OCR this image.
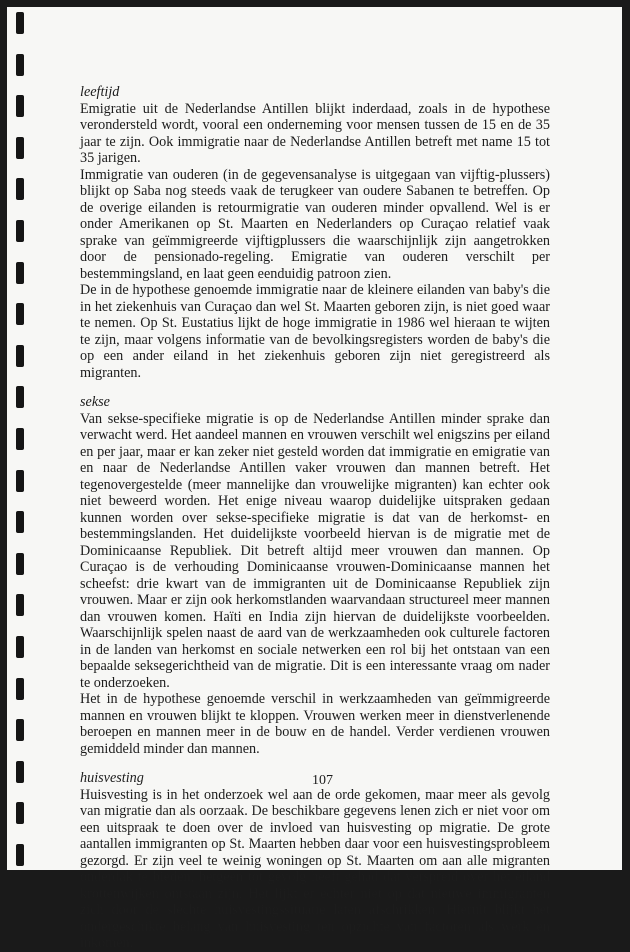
leeftijd

Emigratie uit de Nederlandse Antillen blijkt inderdaad, zoals in de hypothese verondersteld wordt, vooral een onderneming voor mensen tussen de 15 en de 35 jaar te zijn. Ook immigratie naar de Nederlandse Antillen betreft met name 15 tot 35 jarigen.

Immigratie van ouderen (in de gegevensanalyse is uitgegaan van vijftig-plussers) blijkt op Saba nog steeds vaak de terugkeer van oudere Sabanen te betreffen. Op de overige eilanden is retourmigratie van ouderen minder opvallend. Wel is er onder Amerikanen op St. Maarten en Nederlanders op Curaçao relatief vaak sprake van geïmmigreerde vijftigplussers die waarschijnlijk zijn aangetrokken door de pensionado-regeling. Emigratie van ouderen verschilt per bestemmingsland, en laat geen eenduidig patroon zien.

De in de hypothese genoemde immigratie naar de kleinere eilanden van baby's die in het ziekenhuis van Curaçao dan wel St. Maarten geboren zijn, is niet goed waar te nemen. Op St. Eustatius lijkt de hoge immigratie in 1986 wel hieraan te wijten te zijn, maar volgens informatie van de bevolkingsregisters worden de baby's die op een ander eiland in het ziekenhuis geboren zijn niet geregistreerd als migranten.

sekse

Van sekse-specifieke migratie is op de Nederlandse Antillen minder sprake dan verwacht werd. Het aandeel mannen en vrouwen verschilt wel enigszins per eiland en per jaar, maar er kan zeker niet gesteld worden dat immigratie en emigratie van en naar de Nederlandse Antillen vaker vrouwen dan mannen betreft. Het tegenovergestelde (meer mannelijke dan vrouwelijke migranten) kan echter ook niet beweerd worden. Het enige niveau waarop duidelijke uitspraken gedaan kunnen worden over sekse-specifieke migratie is dat van de herkomst- en bestemmingslanden. Het duidelijkste voorbeeld hiervan is de migratie met de Dominicaanse Republiek. Dit betreft altijd meer vrouwen dan mannen. Op Curaçao is de verhouding Dominicaanse vrouwen-Dominicaanse mannen het scheefst: drie kwart van de immigranten uit de Dominicaanse Republiek zijn vrouwen. Maar er zijn ook herkomstlanden waarvandaan structureel meer mannen dan vrouwen komen. Haïti en India zijn hiervan de duidelijkste voorbeelden. Waarschijnlijk spelen naast de aard van de werkzaamheden ook culturele factoren in de landen van herkomst en sociale netwerken een rol bij het ontstaan van een bepaalde seksegerichtheid van de migratie. Dit is een interessante vraag om nader te onderzoeken.

Het in de hypothese genoemde verschil in werkzaamheden van geïmmigreerde mannen en vrouwen blijkt te kloppen. Vrouwen werken meer in dienstverlenende beroepen en mannen meer in de bouw en de handel. Verder verdienen vrouwen gemiddeld minder dan mannen.

huisvesting

Huisvesting is in het onderzoek wel aan de orde gekomen, maar meer als gevolg van migratie dan als oorzaak. De beschikbare gegevens lenen zich er niet voor om een uitspraak te doen over de invloed van huisvesting op migratie. De grote aantallen immigranten op St. Maarten hebben daar voor een huisvestingsprobleem gezorgd. Er zijn veel te weinig woningen op St. Maarten om aan alle migranten onderdak te bieden, hetgeen tot gevolg heeft gehad dat verspreid over het eiland krottenwijken ontstaan zijn. Het lijkt er echter niet op dat nieuwe immigranten zich door de slechte huisvestingssituatie laten afschrikken. Hieruit blijkt het ondergeschikte belang van huisvesting ten opzichte van factoren als werk en inkomen.

107
